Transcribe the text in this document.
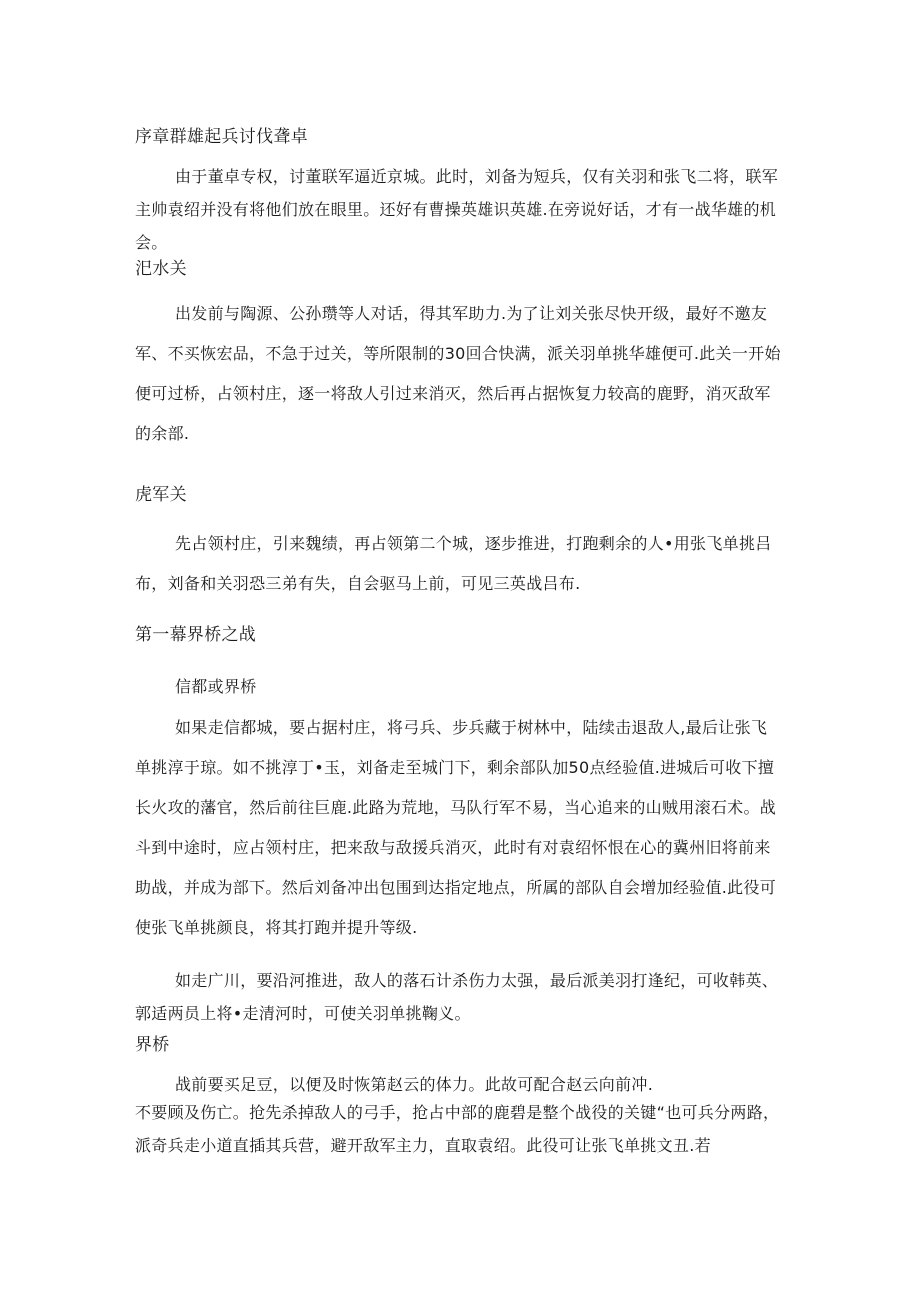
序章群雄起兵讨伐聋卓

由于董卓专权，讨董联军逼近京城。此时，刘备为短兵，仅有关羽和张飞二将，联军主帅袁绍并没有将他们放在眼里。还好有曹操英雄识英雄.在旁说好话，才有一战华雄的机会。

汜水关

出发前与陶源、公孙瓒等人对话，得其军助力.为了让刘关张尽快开级，最好不邀友军、不买恢宏品，不急于过关，等所限制的30回合快满，派关羽单挑华雄便可.此关一开始便可过桥，占领村庄，逐一将敌人引过来消灭，然后再占据恢复力较高的鹿野，消灭敌军的余部.

虎军关

先占领村庄，引来魏绩，再占领第二个城，逐步推进，打跑剩余的人•用张飞单挑吕布，刘备和关羽恐三弟有失，自会驱马上前，可见三英战吕布.

第一幕界桥之战

信都或界桥

如果走信都城，要占据村庄，将弓兵、步兵藏于树林中，陆续击退敌人,最后让张飞单挑淳于琼。如不挑淳丁•玉，刘备走至城门下，剩余部队加50点经验值.进城后可收下擅长火攻的藩官，然后前往巨鹿.此路为荒地，马队行军不易，当心追来的山贼用滚石术。战斗到中途时，应占领村庄，把来敌与敌援兵消灭，此时有对袁绍怀恨在心的冀州旧将前来助战，并成为部下。然后刘备冲出包围到达指定地点，所属的部队自会增加经验值.此役可使张飞单挑颜良，将其打跑并提升等级.

如走广川，要沿河推进，敌人的落石计杀伤力太强，最后派美羽打逢纪，可收韩英、郭适两员上将•走清河时，可使关羽单挑鞠义。

界桥

战前要买足豆，以便及时恢第赵云的体力。此故可配合赵云向前冲.

不要顾及伤亡。抢先杀掉敌人的弓手，抢占中部的鹿碧是整个战役的关键“也可兵分两路，派奇兵走小道直插其兵营，避开敌军主力，直取袁绍。此役可让张飞单挑文丑.若
